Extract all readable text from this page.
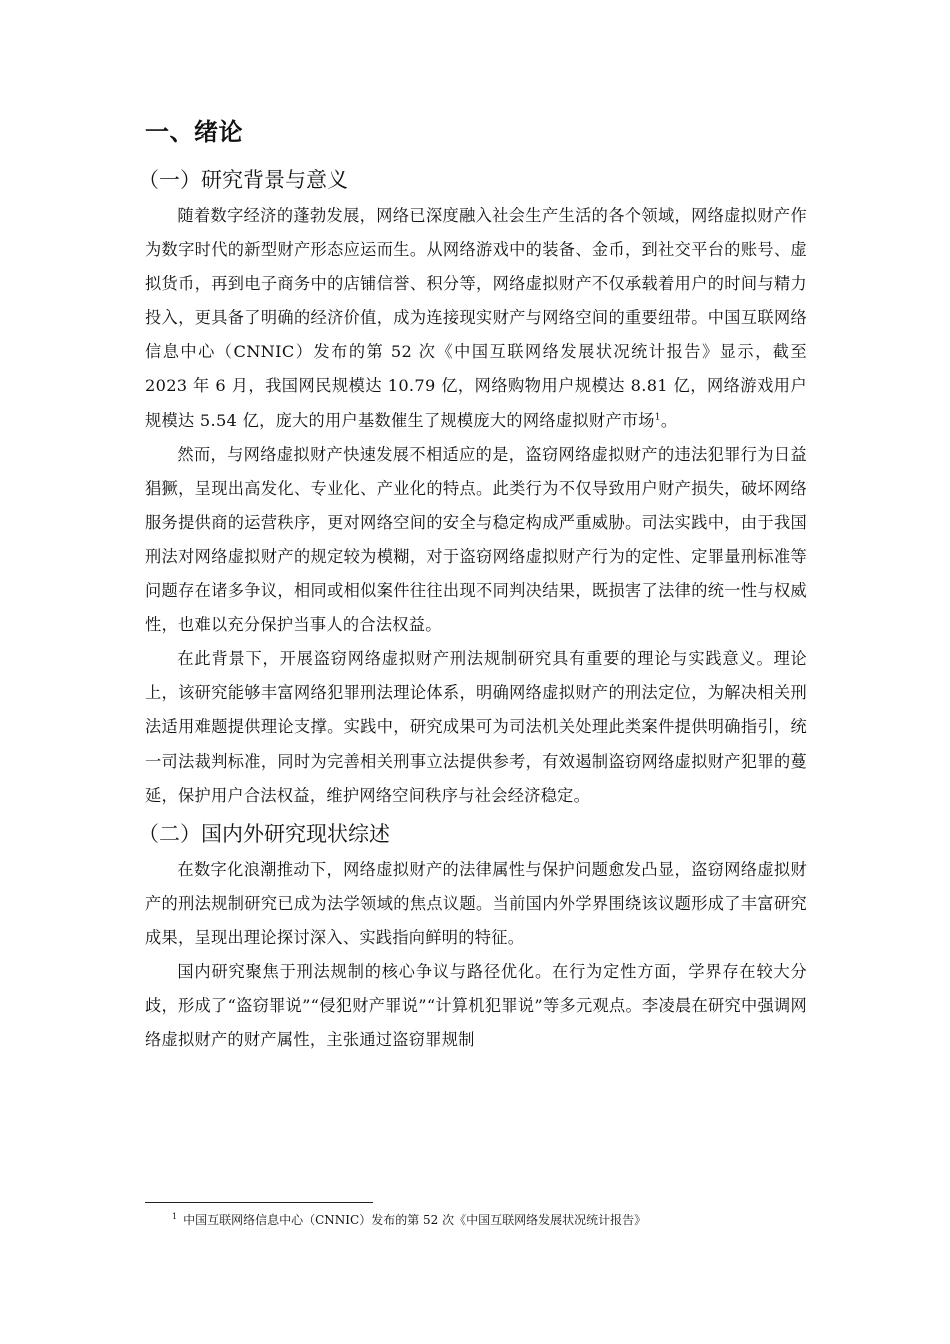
一、绪论
（一）研究背景与意义

随着数字经济的蓬勃发展，网络已深度融入社会生产生活的各个领域，网络虚拟财产作为数字时代的新型财产形态应运而生。从网络游戏中的装备、金币，到社交平台的账号、虚拟货币，再到电子商务中的店铺信誉、积分等，网络虚拟财产不仅承载着用户的时间与精力投入，更具备了明确的经济价值，成为连接现实财产与网络空间的重要纽带。中国互联网络信息中心（CNNIC）发布的第 52 次《中国互联网络发展状况统计报告》显示，截至 2023 年 6 月，我国网民规模达 10.79 亿，网络购物用户规模达 8.81 亿，网络游戏用户规模达 5.54 亿，庞大的用户基数催生了规模庞大的网络虚拟财产市场$^1$。

然而，与网络虚拟财产快速发展不相适应的是，盗窃网络虚拟财产的违法犯罪行为日益猖獗，呈现出高发化、专业化、产业化的特点。此类行为不仅导致用户财产损失，破坏网络服务提供商的运营秩序，更对网络空间的安全与稳定构成严重威胁。司法实践中，由于我国刑法对网络虚拟财产的规定较为模糊，对于盗窃网络虚拟财产行为的定性、定罪量刑标准等问题存在诸多争议，相同或相似案件往往出现不同判决结果，既损害了法律的统一性与权威性，也难以充分保护当事人的合法权益。

在此背景下，开展盗窃网络虚拟财产刑法规制研究具有重要的理论与实践意义。理论上，该研究能够丰富网络犯罪刑法理论体系，明确网络虚拟财产的刑法定位，为解决相关刑法适用难题提供理论支撑。实践中，研究成果可为司法机关处理此类案件提供明确指引，统一司法裁判标准，同时为完善相关刑事立法提供参考，有效遏制盗窃网络虚拟财产犯罪的蔓延，保护用户合法权益，维护网络空间秩序与社会经济稳定。

（二）国内外研究现状综述

在数字化浪潮推动下，网络虚拟财产的法律属性与保护问题愈发凸显，盗窃网络虚拟财产的刑法规制研究已成为法学领域的焦点议题。当前国内外学界围绕该议题形成了丰富研究成果，呈现出理论探讨深入、实践指向鲜明的特征。

国内研究聚焦于刑法规制的核心争议与路径优化。在行为定性方面，学界存在较大分歧，形成了“盗窃罪说”“侵犯财产罪说”“计算机犯罪说”等多元观点。李凌晨在研究中强调网络虚拟财产的财产属性，主张通过盗窃罪规制

$^1$ 中国互联网络信息中心（CNNIC）发布的第 52 次《中国互联网络发展状况统计报告》
